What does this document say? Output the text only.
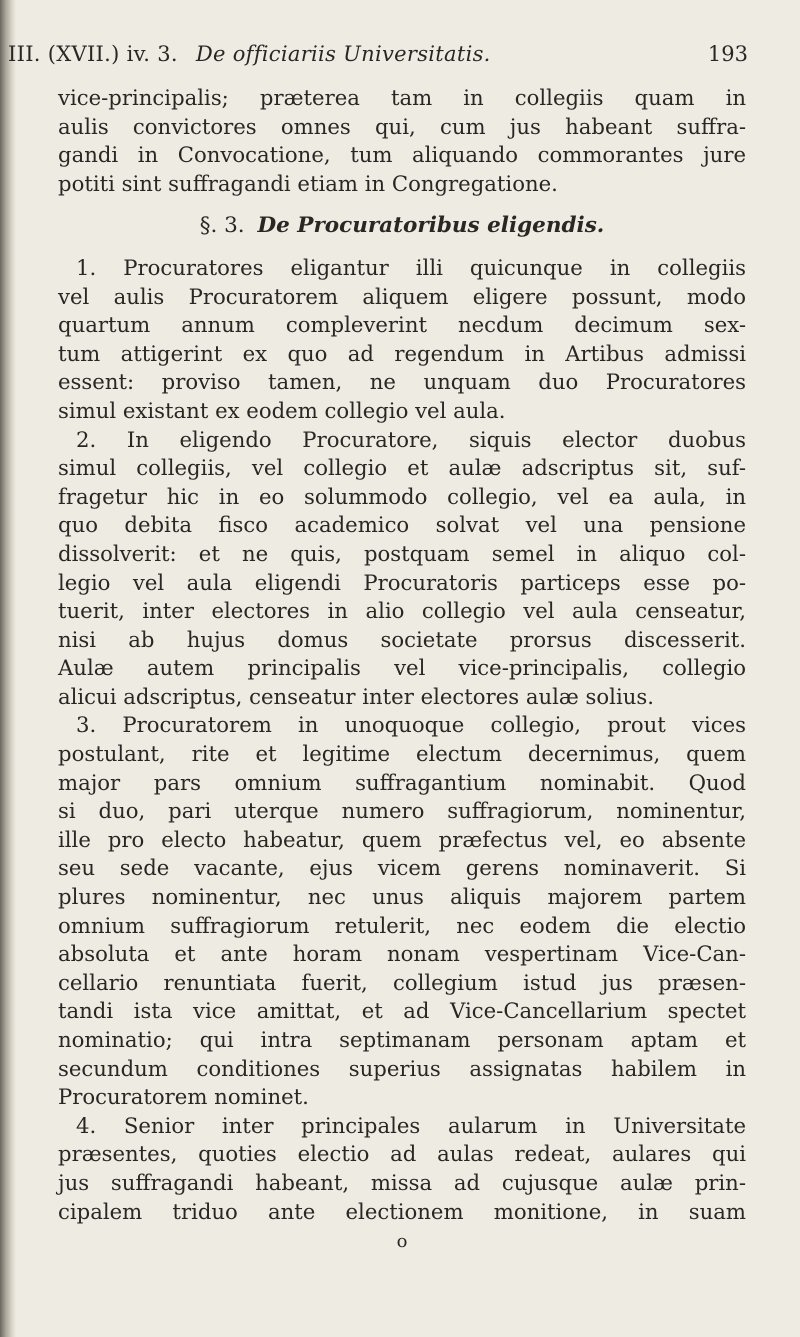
III. (XVII.) iv. 3. De officiariis Universitatis.	193
vice-principalis; præterea tam in collegiis quam in
aulis convictores omnes qui, cum jus habeant suffra-
gandi in Convocatione, tum aliquando commorantes jure
potiti sint suffragandi etiam in Congregatione.
§. 3. De Procuratoribus eligendis.
1. Procuratores eligantur illi quicunque in collegiis
vel aulis Procuratorem aliquem eligere possunt, modo
quartum annum compleverint necdum decimum sex-
tum attigerint ex quo ad regendum in Artibus admissi
essent: proviso tamen, ne unquam duo Procuratores
simul existant ex eodem collegio vel aula.
2. In eligendo Procuratore, siquis elector duobus
simul collegiis, vel collegio et aulæ adscriptus sit, suf-
fragetur hic in eo solummodo collegio, vel ea aula, in
quo debita fisco academico solvat vel una pensione
dissolverit: et ne quis, postquam semel in aliquo col-
legio vel aula eligendi Procuratoris particeps esse po-
tuerit, inter electores in alio collegio vel aula censeatur,
nisi ab hujus domus societate prorsus discesserit.
Aulæ autem principalis vel vice-principalis, collegio
alicui adscriptus, censeatur inter electores aulæ solius.
3. Procuratorem in unoquoque collegio, prout vices
postulant, rite et legitime electum decernimus, quem
major pars omnium suffragantium nominabit. Quod
si duo, pari uterque numero suffragiorum, nominentur,
ille pro electo habeatur, quem præfectus vel, eo absente
seu sede vacante, ejus vicem gerens nominaverit. Si
plures nominentur, nec unus aliquis majorem partem
omnium suffragiorum retulerit, nec eodem die electio
absoluta et ante horam nonam vespertinam Vice-Can-
cellario renuntiata fuerit, collegium istud jus præsen-
tandi ista vice amittat, et ad Vice-Cancellarium spectet
nominatio; qui intra septimanam personam aptam et
secundum conditiones superius assignatas habilem in
Procuratorem nominet.
4. Senior inter principales aularum in Universitate
præsentes, quoties electio ad aulas redeat, aulares qui
jus suffragandi habeant, missa ad cujusque aulæ prin-
cipalem triduo ante electionem monitione, in suam
o
